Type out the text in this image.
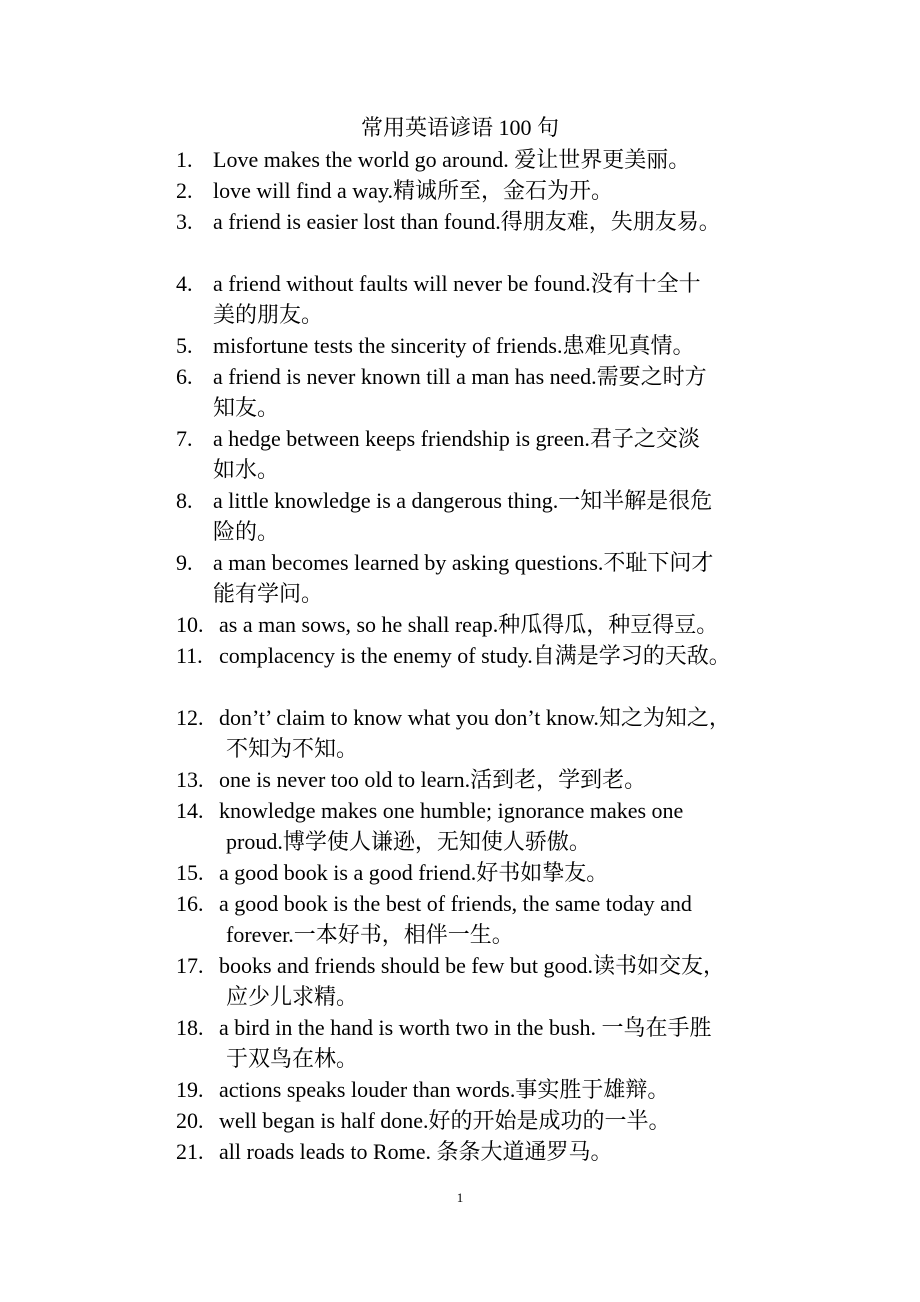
常用英语谚语 100 句
1. Love makes the world go around. 爱让世界更美丽。
2. love will find a way.精诚所至，金石为开。
3. a friend is easier lost than found.得朋友难，失朋友易。
4. a friend without faults will never be found.没有十全十
美的朋友。
5. misfortune tests the sincerity of friends.患难见真情。
6. a friend is never known till a man has need.需要之时方
知友。
7. a hedge between keeps friendship is green.君子之交淡
如水。
8. a little knowledge is a dangerous thing.一知半解是很危
险的。
9. a man becomes learned by asking questions.不耻下问才
能有学问。
10. as a man sows, so he shall reap.种瓜得瓜，种豆得豆。
11. complacency is the enemy of study.自满是学习的天敌。
12. don’t’ claim to know what you don’t know.知之为知之，
不知为不知。
13. one is never too old to learn.活到老，学到老。
14. knowledge makes one humble; ignorance makes one
proud.博学使人谦逊，无知使人骄傲。
15. a good book is a good friend.好书如挚友。
16. a good book is the best of friends, the same today and
forever.一本好书，相伴一生。
17. books and friends should be few but good.读书如交友，
应少儿求精。
18. a bird in the hand is worth two in the bush. 一鸟在手胜
于双鸟在林。
19. actions speaks louder than words.事实胜于雄辩。
20. well began is half done.好的开始是成功的一半。
21. all roads leads to Rome. 条条大道通罗马。
1
